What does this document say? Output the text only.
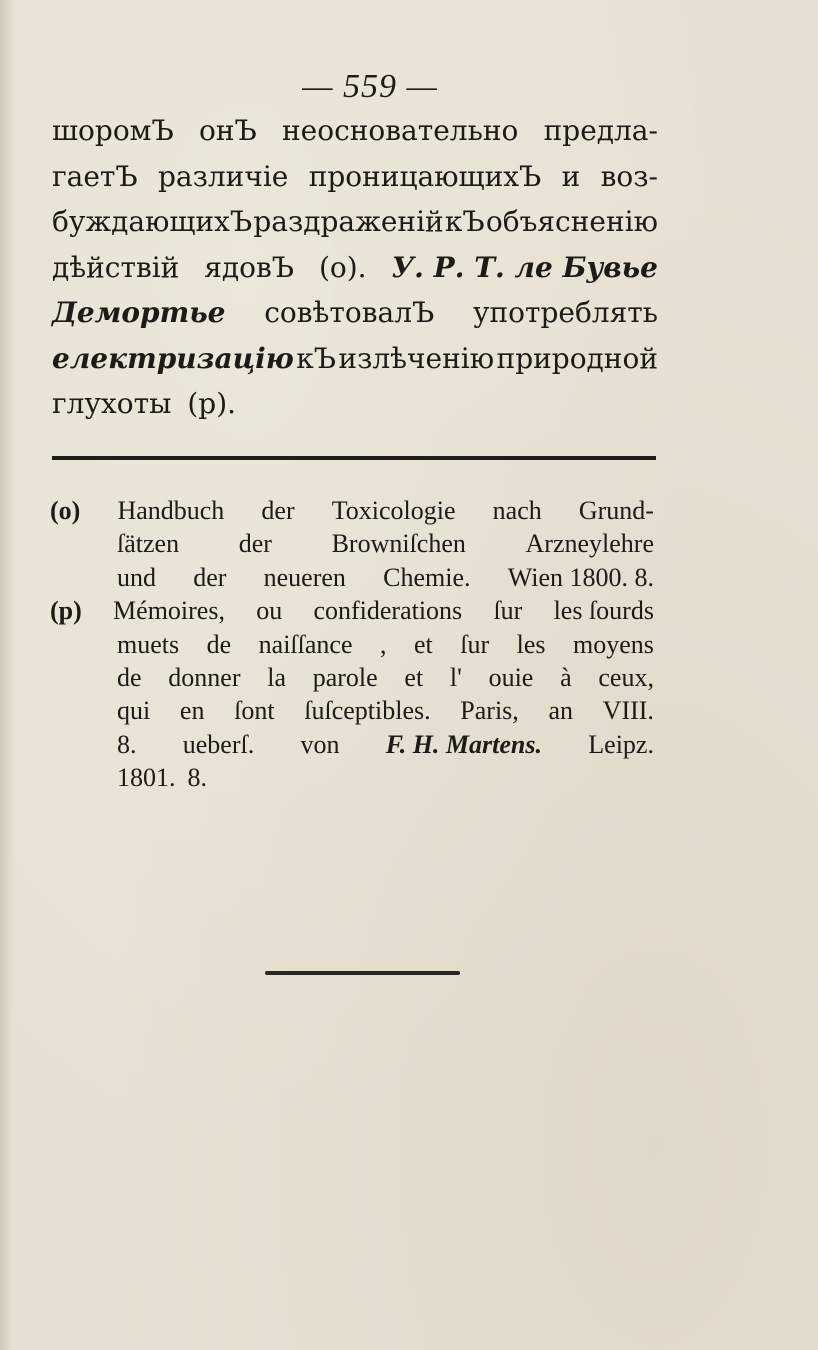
— 559 —
шоромЪ онЪ неосновательно предла-
гаетЪ различіе проницающихЪ и воз-
буждающихЪ раздраженій кЪ объясненію
дѣйствій ядовЪ (о). У. Р. Т. ле Бувье
Демортье совѣтовалЪ употреблять
електризацію кЪ излѣченію природной
глухоты (р).
(o) Handbuch der Toxicologie nach Grund-
ſätzen der Browniſchen Arzneylehre
und der neueren Chemie. Wien 1800. 8.
(p) Mémoires, ou confiderations ſur les ſourds
muets de naiſſance , et ſur les moyens
de donner la parole et l' ouie à ceux,
qui en ſont ſuſceptibles. Paris, an VIII.
8. ueberſ. von F. H. Martens. Leipz.
1801. 8.
